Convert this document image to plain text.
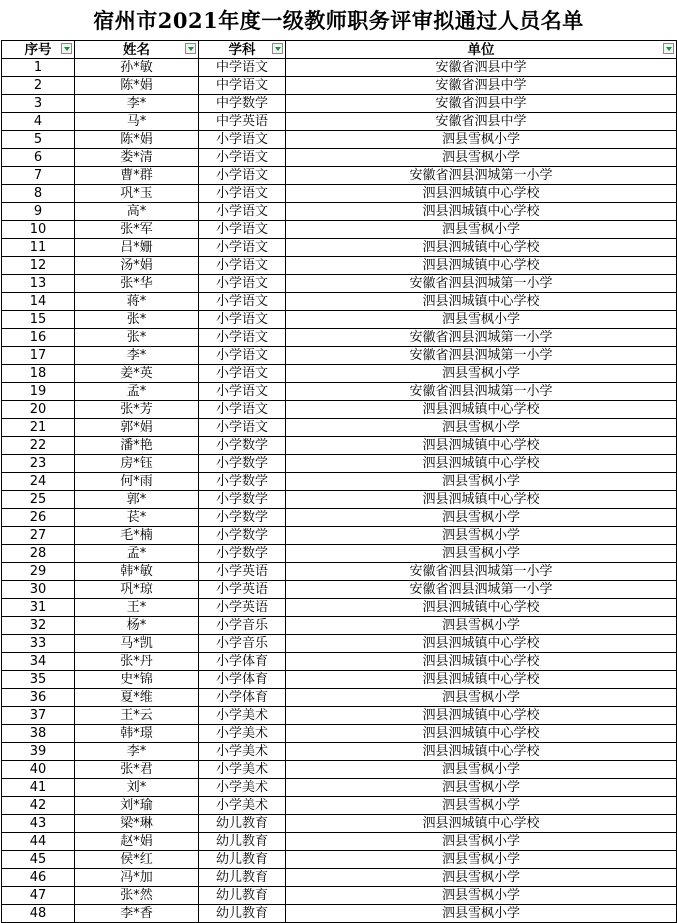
宿州市2021年度一级教师职务评审拟通过人员名单
序号	姓名	学科	单位

1	孙*敏	中学语文	安徽省泗县中学
2	陈*娟	中学语文	安徽省泗县中学
3	李*	中学数学	安徽省泗县中学
4	马*	中学英语	安徽省泗县中学
5	陈*娟	小学语文	泗县雪枫小学
6	娄*清	小学语文	泗县雪枫小学
7	曹*群	小学语文	安徽省泗县泗城第一小学
8	巩*玉	小学语文	泗县泗城镇中心学校
9	高*	小学语文	泗县泗城镇中心学校
10	张*军	小学语文	泗县雪枫小学
11	吕*姗	小学语文	泗县泗城镇中心学校
12	汤*娟	小学语文	泗县泗城镇中心学校
13	张*华	小学语文	安徽省泗县泗城第一小学
14	蒋*	小学语文	泗县泗城镇中心学校
15	张*	小学语文	泗县雪枫小学
16	张*	小学语文	安徽省泗县泗城第一小学
17	李*	小学语文	安徽省泗县泗城第一小学
18	姜*英	小学语文	泗县雪枫小学
19	孟*	小学语文	安徽省泗县泗城第一小学
20	张*芳	小学语文	泗县泗城镇中心学校
21	郭*娟	小学语文	泗县雪枫小学
22	潘*艳	小学数学	泗县泗城镇中心学校
23	房*钰	小学数学	泗县泗城镇中心学校
24	何*雨	小学数学	泗县雪枫小学
25	郭*	小学数学	泗县泗城镇中心学校
26	苌*	小学数学	泗县雪枫小学
27	毛*楠	小学数学	泗县雪枫小学
28	孟*	小学数学	泗县雪枫小学
29	韩*敏	小学英语	安徽省泗县泗城第一小学
30	巩*琼	小学英语	安徽省泗县泗城第一小学
31	王*	小学英语	泗县泗城镇中心学校
32	杨*	小学音乐	泗县雪枫小学
33	马*凯	小学音乐	泗县泗城镇中心学校
34	张*丹	小学体育	泗县泗城镇中心学校
35	史*锦	小学体育	泗县泗城镇中心学校
36	夏*维	小学体育	泗县雪枫小学
37	王*云	小学美术	泗县泗城镇中心学校
38	韩*璟	小学美术	泗县泗城镇中心学校
39	李*	小学美术	泗县泗城镇中心学校
40	张*君	小学美术	泗县雪枫小学
41	刘*	小学美术	泗县雪枫小学
42	刘*瑜	小学美术	泗县雪枫小学
43	梁*琳	幼儿教育	泗县泗城镇中心学校
44	赵*娟	幼儿教育	泗县雪枫小学
45	侯*红	幼儿教育	泗县雪枫小学
46	冯*加	幼儿教育	泗县雪枫小学
47	张*然	幼儿教育	泗县雪枫小学
48	李*香	幼儿教育	泗县雪枫小学
